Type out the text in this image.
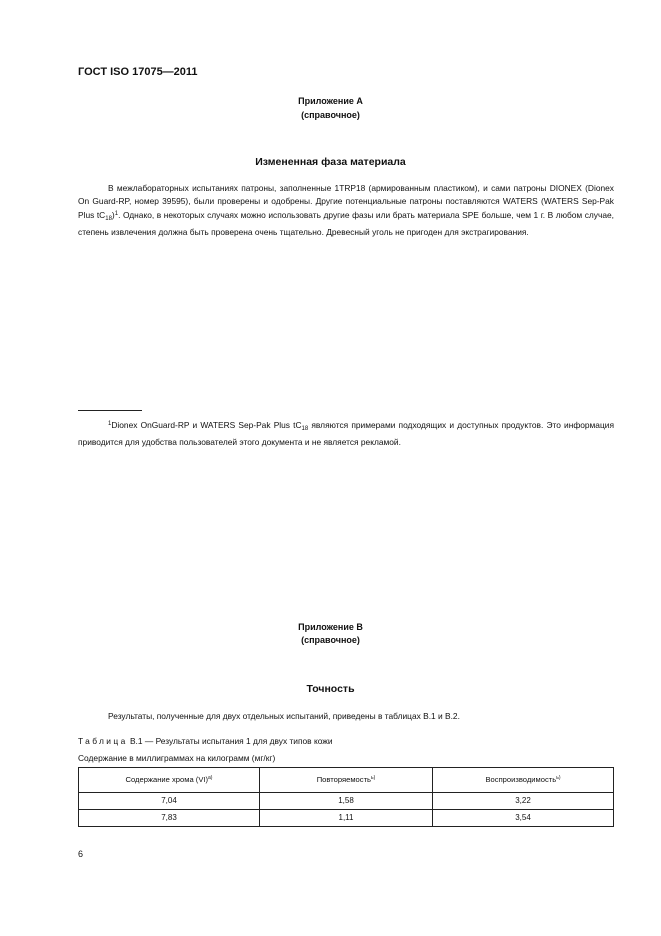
ГОСТ ISO 17075—2011
Приложение А
(справочное)
Измененная фаза материала
В межлабораторных испытаниях патроны, заполненные 1TRP18 (армированным пластиком), и сами патроны DIONEX (Dionex On Guard-RP, номер 39595), были проверены и одобрены. Другие потенциальные патроны поставляются WATERS (WATERS Sep-Pak Plus $tC_{18})^1$. Однако, в некоторых случаях можно использовать другие фазы или брать материала SPE больше, чем 1 г. В любом случае, степень извлечения должна быть проверена очень тщательно. Древесный уголь не пригоден для экстрагирования.
$^1$Dionex OnGuard-RP и WATERS Sep-Pak Plus $tC_{18}$ являются примерами подходящих и доступных продуктов. Это информация приводится для удобства пользователей этого документа и не является рекламой.
Приложение В
(справочное)
Точность
Результаты, полученные для двух отдельных испытаний, приведены в таблицах В.1 и В.2.
Таблица В.1 — Результаты испытания 1 для двух типов кожи
Содержание в миллиграммах на килограмм (мг/кг)
Содержание хрома (VI)$^{а)}$	Повторяемость$^{ь)}$	Воспроизводимость$^{ь)}$
7,04	1,58	3,22
7,83	1,11	3,54
6
